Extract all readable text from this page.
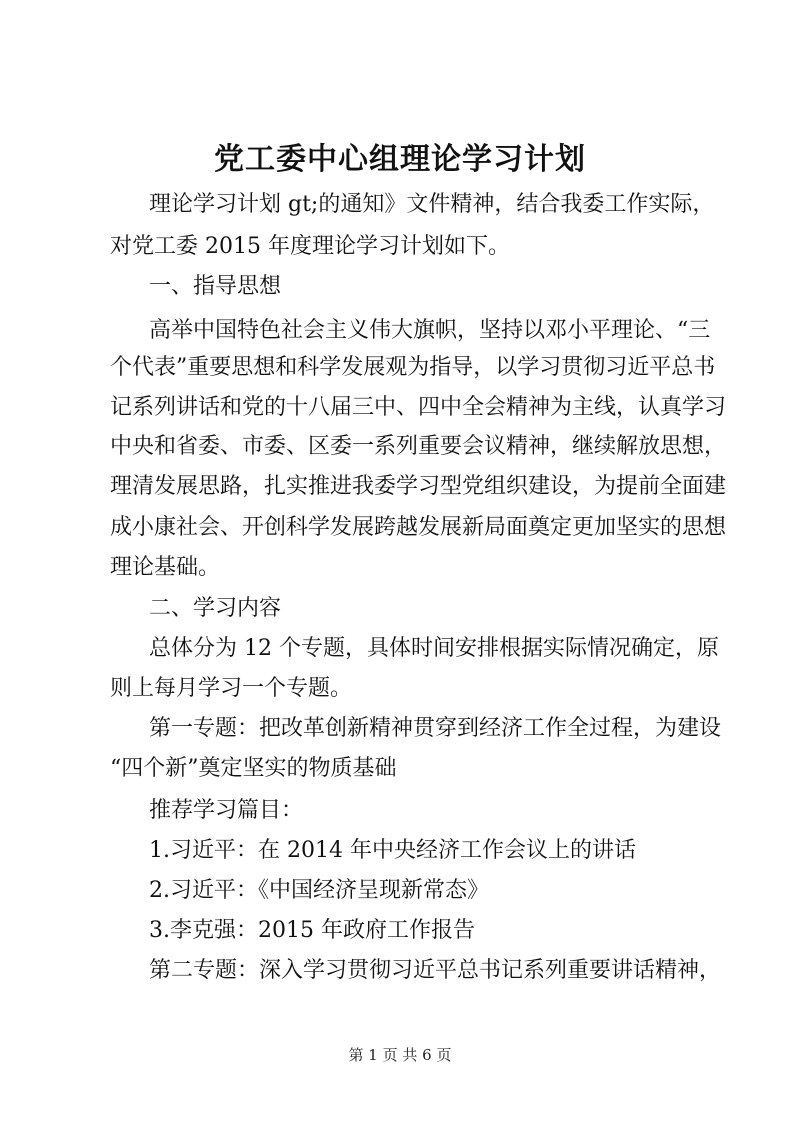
党工委中心组理论学习计划
理论学习计划 gt;的通知》文件精神，结合我委工作实际，
对党工委 2015 年度理论学习计划如下。
一、指导思想
高举中国特色社会主义伟大旗帜，坚持以邓小平理论、“三
个代表”重要思想和科学发展观为指导，以学习贯彻习近平总书
记系列讲话和党的十八届三中、四中全会精神为主线，认真学习
中央和省委、市委、区委一系列重要会议精神，继续解放思想，
理清发展思路，扎实推进我委学习型党组织建设，为提前全面建
成小康社会、开创科学发展跨越发展新局面奠定更加坚实的思想
理论基础。
二、学习内容
总体分为 12 个专题，具体时间安排根据实际情况确定，原
则上每月学习一个专题。
第一专题：把改革创新精神贯穿到经济工作全过程，为建设
“四个新”奠定坚实的物质基础
推荐学习篇目：
1.习近平：在 2014 年中央经济工作会议上的讲话
2.习近平：《中国经济呈现新常态》
3.李克强：2015 年政府工作报告
第二专题：深入学习贯彻习近平总书记系列重要讲话精神，
第 1 页 共 6 页
